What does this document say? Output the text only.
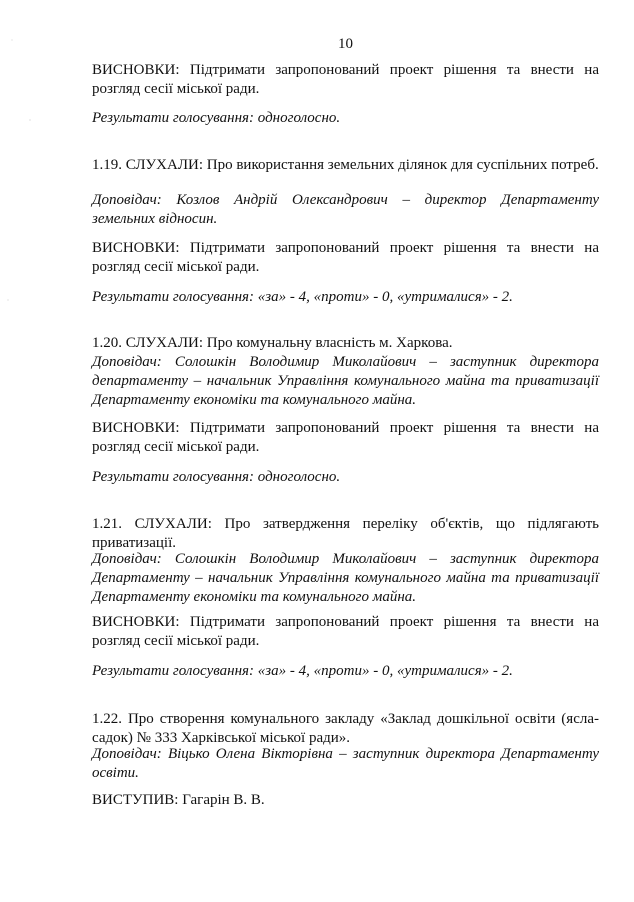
10
ВИСНОВКИ: Підтримати запропонований проект рішення та внести на розгляд сесії міської ради.
Результати голосування: одноголосно.
1.19. СЛУХАЛИ: Про використання земельних ділянок для суспільних потреб.
Доповідач: Козлов Андрій Олександрович – директор Департаменту земельних відносин.
ВИСНОВКИ: Підтримати запропонований проект рішення та внести на розгляд сесії міської ради.
Результати голосування: «за» - 4, «проти» - 0, «утрималися» - 2.
1.20. СЛУХАЛИ: Про комунальну власність м. Харкова.
Доповідач: Солошкін Володимир Миколайович – заступник директора департаменту – начальник Управління комунального майна та приватизації Департаменту економіки та комунального майна.
ВИСНОВКИ: Підтримати запропонований проект рішення та внести на розгляд сесії міської ради.
Результати голосування: одноголосно.
1.21. СЛУХАЛИ: Про затвердження переліку об'єктів, що підлягають приватизації.
Доповідач: Солошкін Володимир Миколайович – заступник директора Департаменту – начальник Управління комунального майна та приватизації Департаменту економіки та комунального майна.
ВИСНОВКИ: Підтримати запропонований проект рішення та внести на розгляд сесії міської ради.
Результати голосування: «за» - 4, «проти» - 0, «утрималися» - 2.
1.22. Про створення комунального закладу «Заклад дошкільної освіти (ясла-садок) № 333 Харківської міської ради».
Доповідач: Віцько Олена Вікторівна – заступник директора Департаменту освіти.
ВИСТУПИВ: Гагарін В. В.
